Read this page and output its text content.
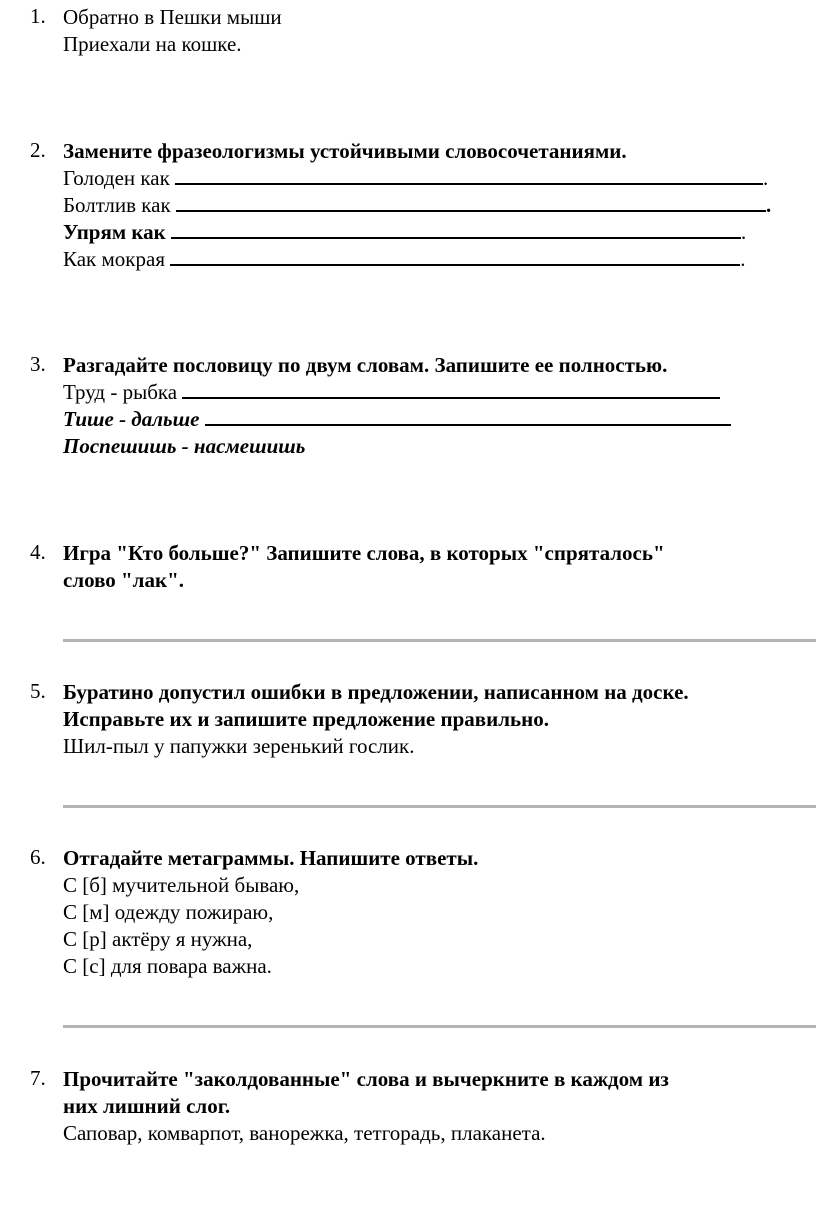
1. Обратно в Пешки мыши
Приехали на кошке.
2. Замените фразеологизмы устойчивыми словосочетаниями.
Голоден как	.
Болтлив как	.
Упрям как	.
Как мокрая	.
3. Разгадайте пословицу по двум словам. Запишите ее полностью.
Труд - рыбка
Тише - дальше
Поспешишь - насмешишь
4. Игра "Кто больше?" Запишите слова, в которых "спряталось"
слово "лак".
5. Буратино допустил ошибки в предложении, написанном на доске.
Исправьте их и запишите предложение правильно.
Шил-пыл у папужки зеренький гослик.
6. Отгадайте метаграммы. Напишите ответы.
С [б] мучительной бываю,
С [м] одежду пожираю,
С [р] актёру я нужна,
С [с] для повара важна.
7. Прочитайте "заколдованные" слова и вычеркните в каждом из
них лишний слог.
Саповар, комварпот, ванорежка, тетгорадь, плаканета.
